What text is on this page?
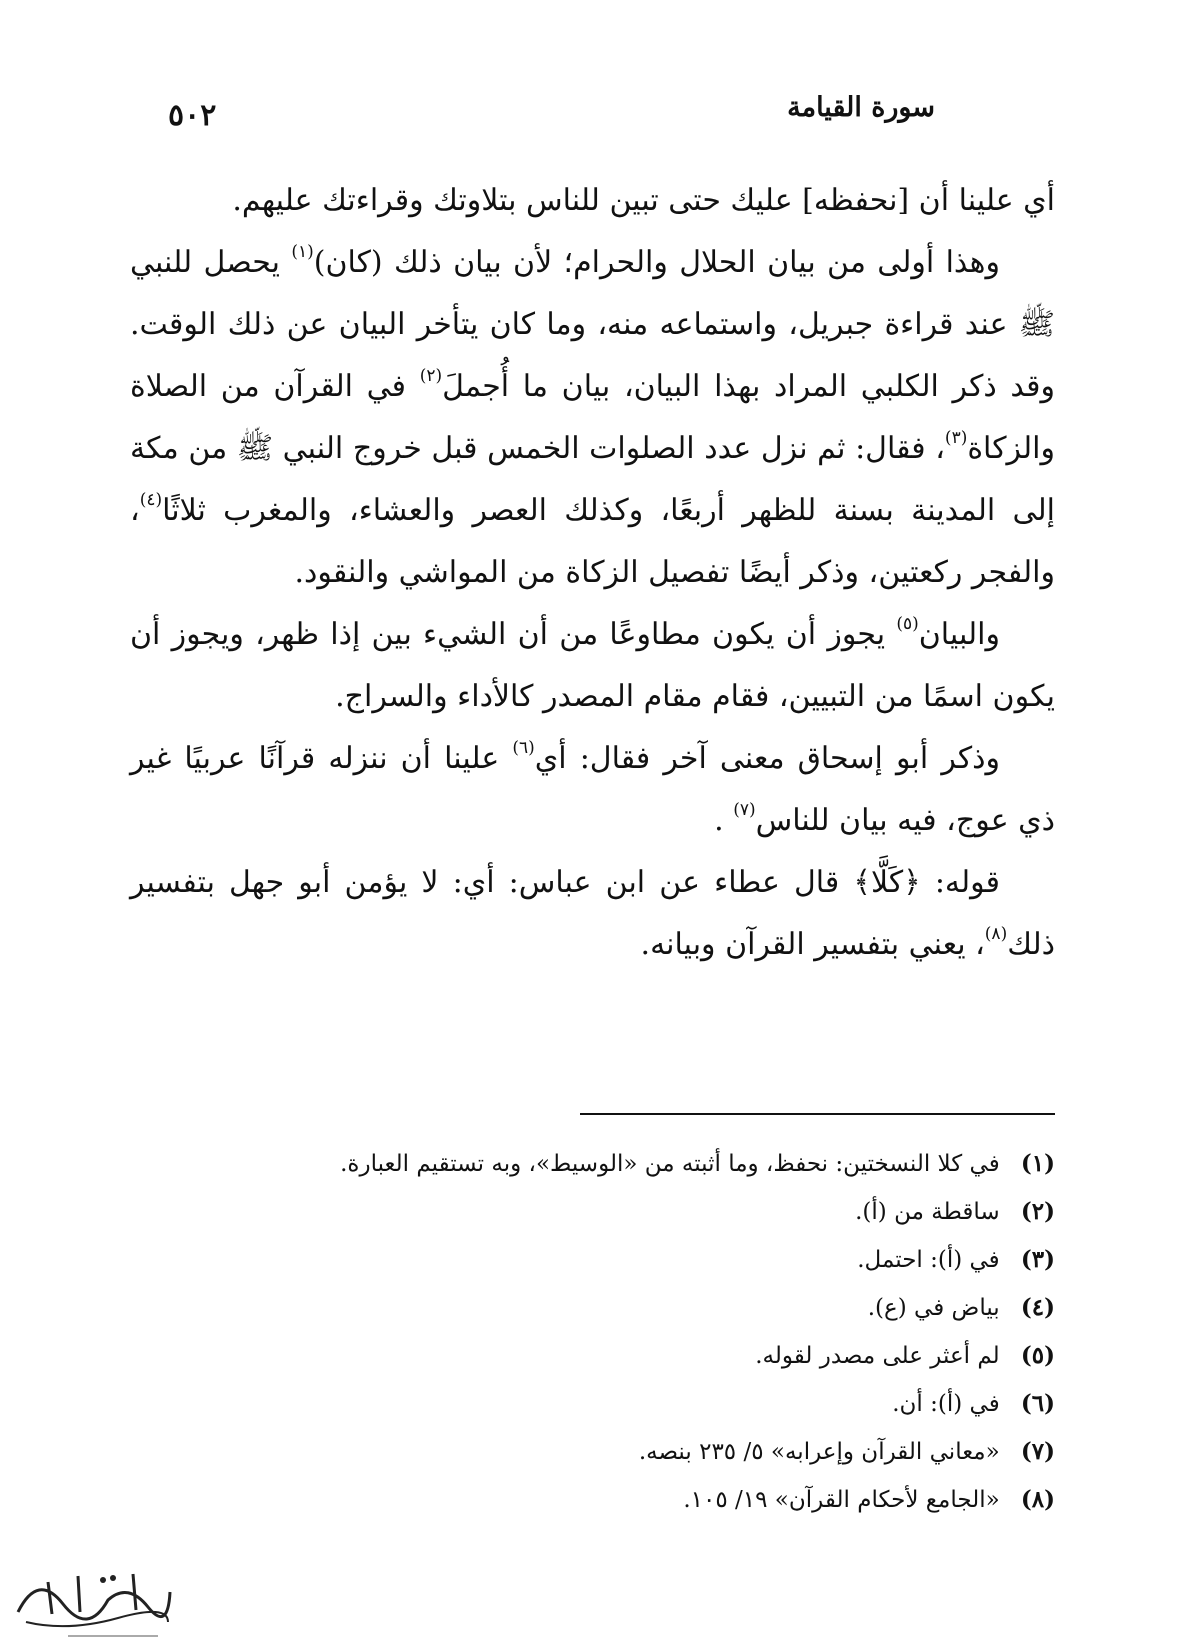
٥٠٢	سورة القيامة

أي علينا أن [نحفظه] عليك حتى تبين للناس بتلاوتك وقراءتك عليهم.

وهذا أولى من بيان الحلال والحرام؛ لأن بيان ذلك (كان)$^{(١)}$ يحصل للنبي ﷺ عند قراءة جبريل، واستماعه منه، وما كان يتأخر البيان عن ذلك الوقت. وقد ذكر الكلبي المراد بهذا البيان، بيان ما أُجملَ$^{(٢)}$ في القرآن من الصلاة والزكاة$^{(٣)}$، فقال: ثم نزل عدد الصلوات الخمس قبل خروج النبي ﷺ من مكة إلى المدينة بسنة للظهر أربعًا، وكذلك العصر والعشاء، والمغرب ثلاثًا$^{(٤)}$، والفجر ركعتين، وذكر أيضًا تفصيل الزكاة من المواشي والنقود.

والبيان$^{(٥)}$ يجوز أن يكون مطاوعًا من أن الشيء بين إذا ظهر، ويجوز أن يكون اسمًا من التبيين، فقام مقام المصدر كالأداء والسراج.

وذكر أبو إسحاق معنى آخر فقال: أي$^{(٦)}$ علينا أن ننزله قرآنًا عربيًا غير ذي عوج، فيه بيان للناس$^{(٧)}$ .

قوله: ﴿كَلَّا﴾ قال عطاء عن ابن عباس: أي: لا يؤمن أبو جهل بتفسير ذلك$^{(٨)}$، يعني بتفسير القرآن وبيانه.

(١) في كلا النسختين: نحفظ، وما أثبته من «الوسيط»، وبه تستقيم العبارة.
(٢) ساقطة من (أ).
(٣) في (أ): احتمل.
(٤) بياض في (ع).
(٥) لم أعثر على مصدر لقوله.
(٦) في (أ): أن.
(٧) «معاني القرآن وإعرابه» ٥/ ٢٣٥ بنصه.
(٨) «الجامع لأحكام القرآن» ١٩/ ١٠٥.
